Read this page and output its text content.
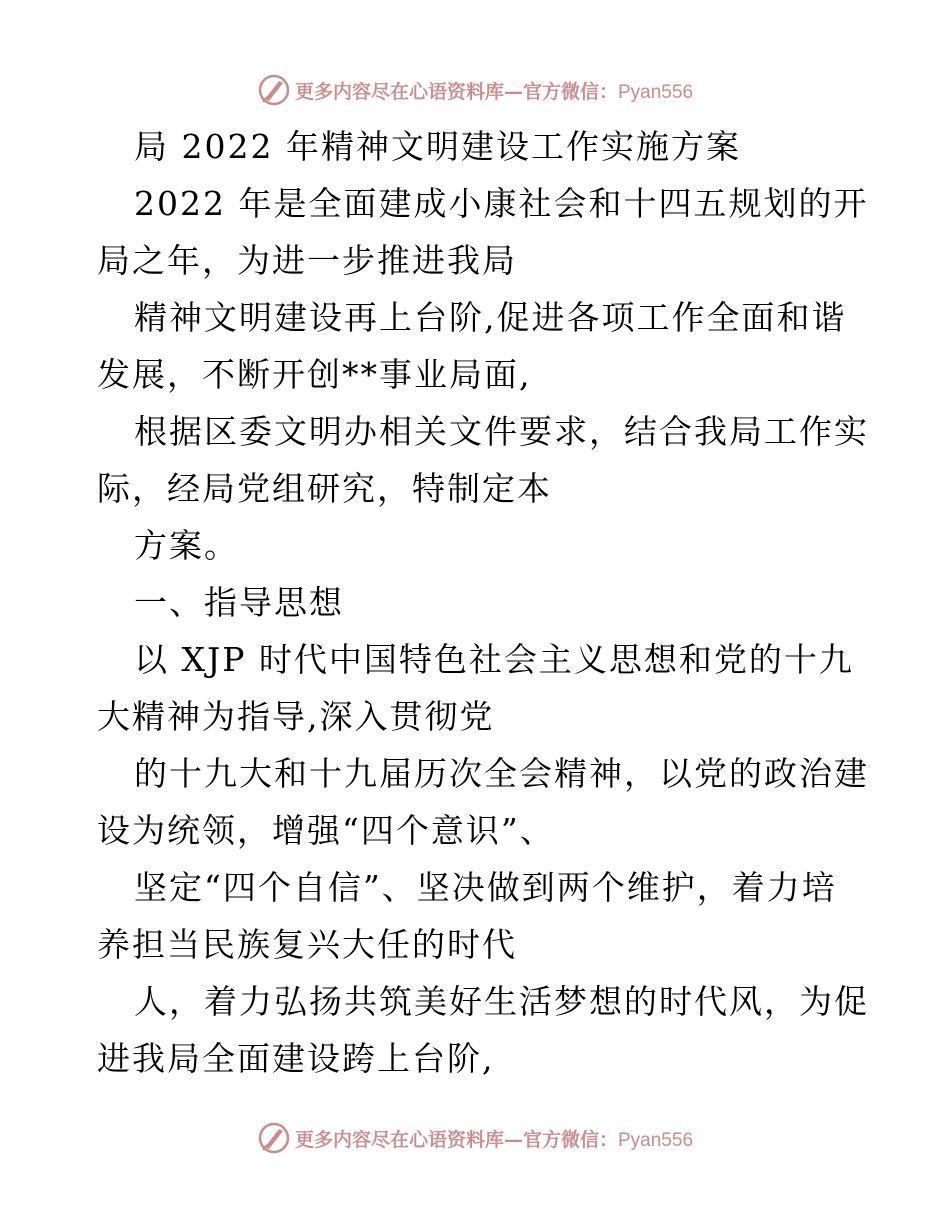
更多内容尽在心语资料库—官方微信：Pyan556
局 2022 年精神文明建设工作实施方案
2022 年是全面建成小康社会和十四五规划的开
局之年，为进一步推进我局
精神文明建设再上台阶,促进各项工作全面和谐
发展，不断开创**事业局面,
根据区委文明办相关文件要求，结合我局工作实
际，经局党组研究，特制定本
方案。
一、指导思想
以 XJP 时代中国特色社会主义思想和党的十九
大精神为指导,深入贯彻党
的十九大和十九届历次全会精神，以党的政治建
设为统领，增强“四个意识”、
坚定“四个自信”、坚决做到两个维护，着力培
养担当民族复兴大任的时代
人，着力弘扬共筑美好生活梦想的时代风，为促
进我局全面建设跨上台阶,
更多内容尽在心语资料库—官方微信：Pyan556
